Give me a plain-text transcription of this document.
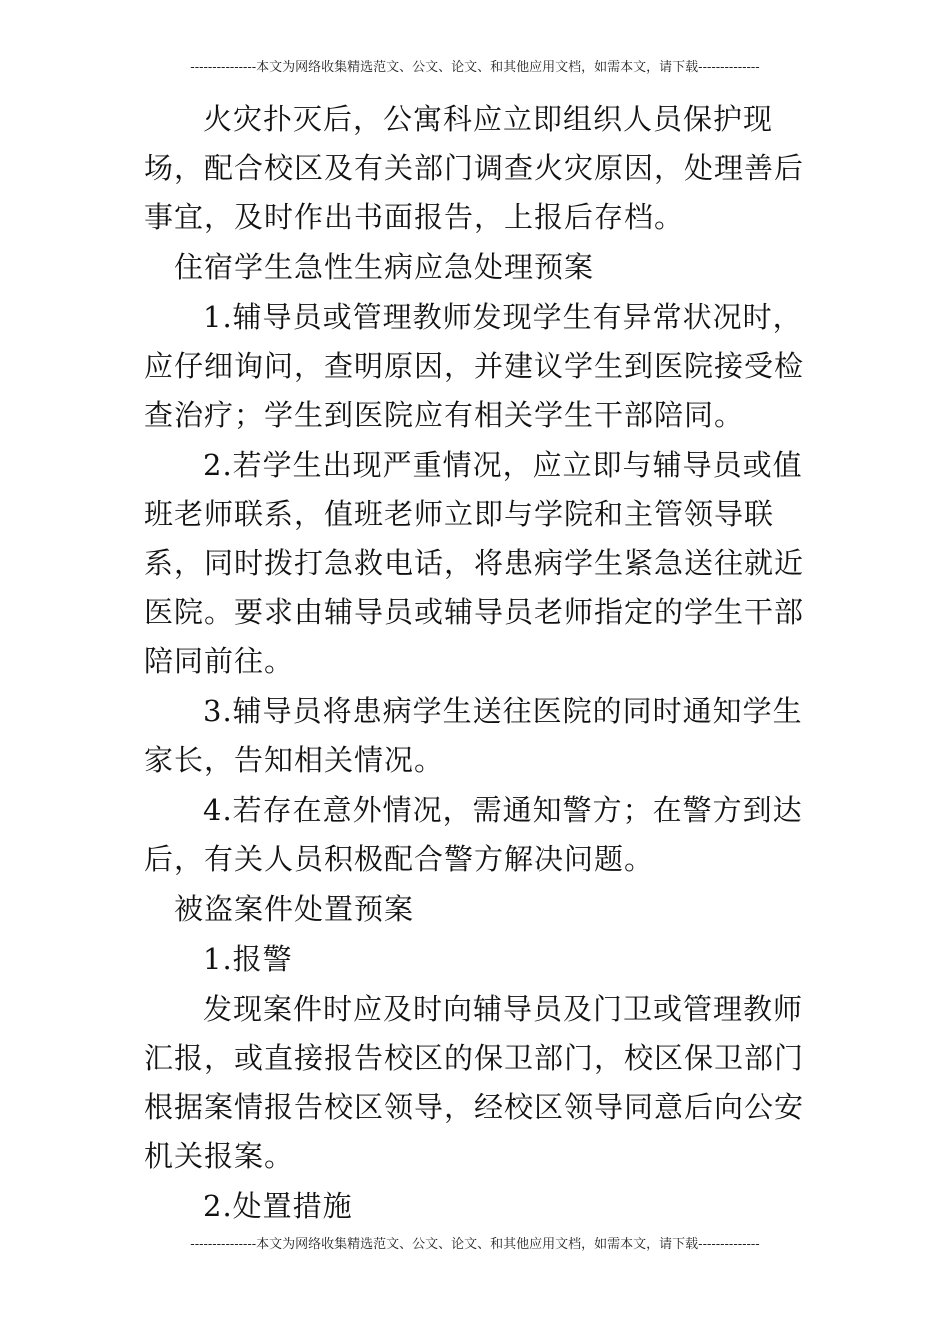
---------------本文为网络收集精选范文、公文、论文、和其他应用文档，如需本文，请下载--------------

火灾扑灭后，公寓科应立即组织人员保护现场，配合校区及有关部门调查火灾原因，处理善后事宜，及时作出书面报告，上报后存档。

住宿学生急性生病应急处理预案

1.辅导员或管理教师发现学生有异常状况时，应仔细询问，查明原因，并建议学生到医院接受检查治疗；学生到医院应有相关学生干部陪同。

2.若学生出现严重情况，应立即与辅导员或值班老师联系，值班老师立即与学院和主管领导联系，同时拨打急救电话，将患病学生紧急送往就近医院。要求由辅导员或辅导员老师指定的学生干部陪同前往。

3.辅导员将患病学生送往医院的同时通知学生家长，告知相关情况。

4.若存在意外情况，需通知警方；在警方到达后，有关人员积极配合警方解决问题。

被盗案件处置预案

1.报警

发现案件时应及时向辅导员及门卫或管理教师汇报，或直接报告校区的保卫部门，校区保卫部门根据案情报告校区领导，经校区领导同意后向公安机关报案。

2.处置措施

---------------本文为网络收集精选范文、公文、论文、和其他应用文档，如需本文，请下载--------------
